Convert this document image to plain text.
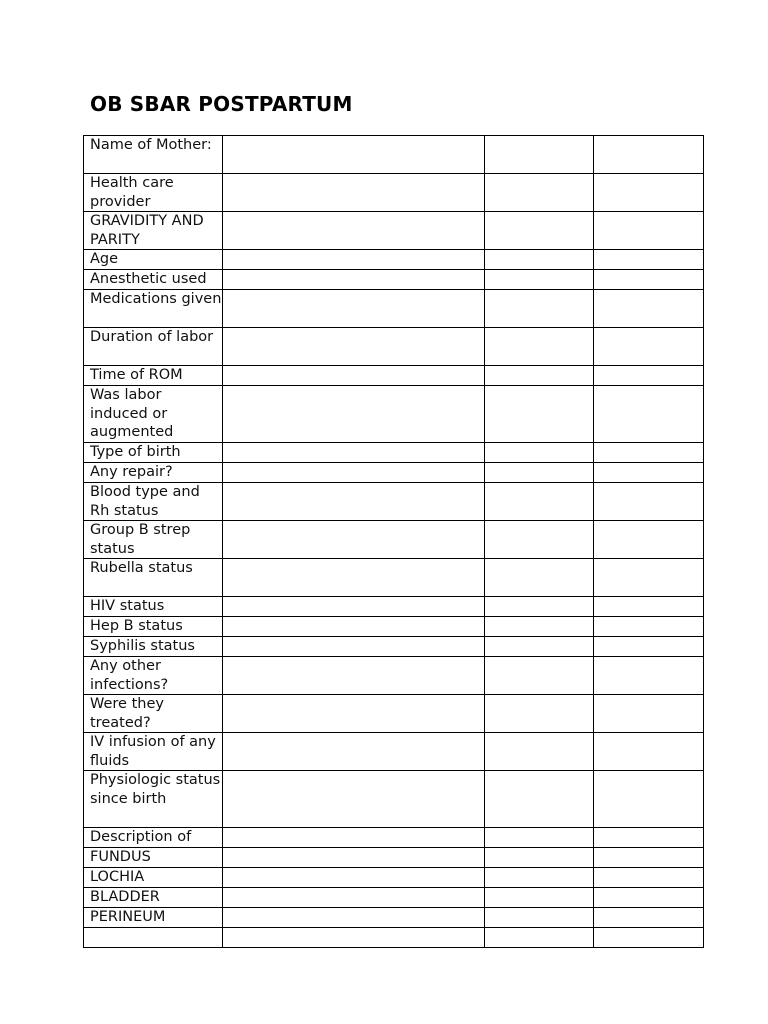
OB SBAR POSTPARTUM
Name of Mother:			
Health care provider			
GRAVIDITY AND PARITY			
Age			
Anesthetic used			
Medications given			
Duration of labor			
Time of ROM			
Was labor induced or augmented			
Type of birth			
Any repair?			
Blood type and Rh status			
Group B strep status			
Rubella status			
HIV status			
Hep B status			
Syphilis status			
Any other infections?			
Were they treated?			
IV infusion of any fluids			
Physiologic status since birth			
Description of			
FUNDUS			
LOCHIA			
BLADDER			
PERINEUM			
